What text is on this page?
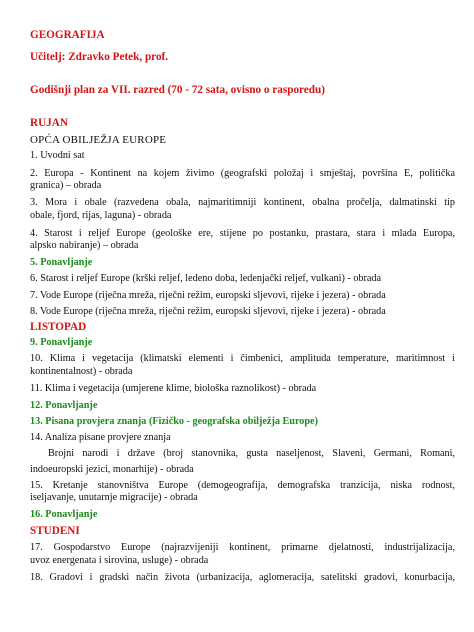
GEOGRAFIJA
Učitelj: Zdravko Petek, prof.
Godišnji plan za VII. razred (70 - 72 sata, ovisno o rasporedu)
RUJAN
OPĆA OBILJEŽJA EUROPE
1. Uvodni sat
2. Europa - Kontinent na kojem živimo (geografski položaj i smještaj, površina E, politička
granica) – obrada
3. Mora i obale (razvedena obala, najmaritimniji kontinent, obalna pročelja, dalmatinski tip
obale, fjord, rijas, laguna) - obrada
4. Starost i reljef Europe (geološke ere, stijene po postanku, prastara, stara i mlada Europa,
alpsko nabiranje) – obrada
5. Ponavljanje
6. Starost i reljef Europe (krški reljef, ledeno doba, ledenjački reljef, vulkani) - obrada
7. Vode Europe (riječna mreža, riječni režim, europski sljevovi, rijeke i jezera) - obrada
8. Vode Europe (riječna mreža, riječni režim, europski sljevovi, rijeke i jezera) - obrada
LISTOPAD
9. Ponavljanje
10. Klima i vegetacija (klimatski elementi i čimbenici, amplituda temperature, maritimnost i
kontinentalnost) - obrada
11. Klima i vegetacija (umjerene klime, biološka raznolikost) - obrada
12. Ponavljanje
13. Pisana provjera znanja (Fizičko - geografska obilježja Europe)
14. Analiza pisane provjere znanja
Brojni narodi i države (broj stanovnika, gusta naseljenost, Slaveni, Germani, Romani,
indoeuropski jezici, monarhije) - obrada
15. Kretanje stanovništva Europe (demogeografija, demografska tranzicija, niska rodnost,
iseljavanje, unutarnje migracije) - obrada
16. Ponavljanje
STUDENI
17. Gospodarstvo Europe (najrazvijeniji kontinent, primarne djelatnosti, industrijalizacija,
uvoz energenata i sirovina, usluge) - obrada
18. Gradovi i gradski način života (urbanizacija, aglomeracija, satelitski gradovi, konurbacija,
